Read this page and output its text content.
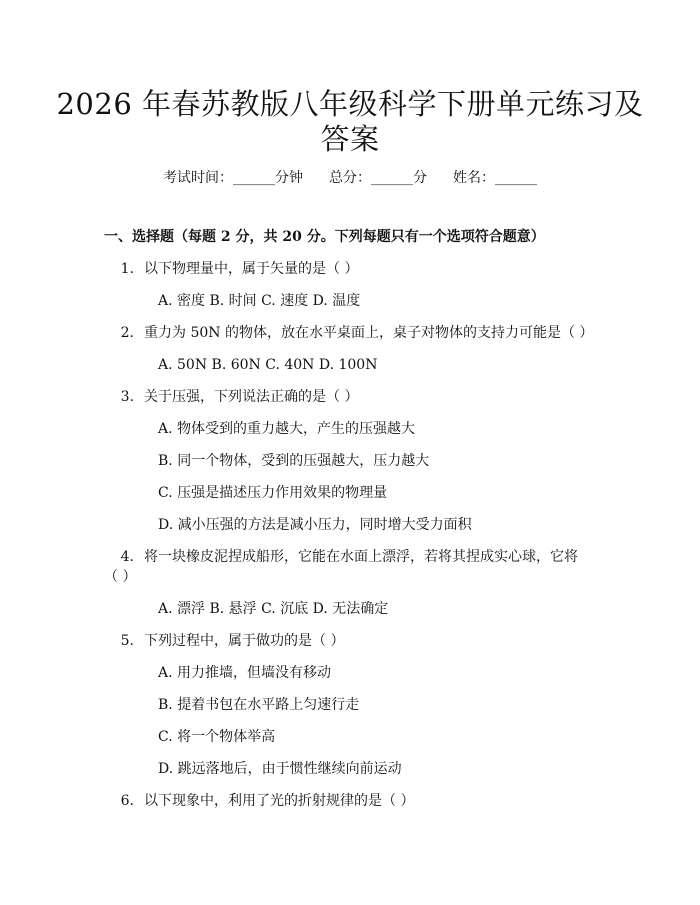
2026 年春苏教版八年级科学下册单元练习及
答案
考试时间：______分钟 总分：______分 姓名：______
一、选择题（每题 2 分，共 20 分。下列每题只有一个选项符合题意）
1. 以下物理量中，属于矢量的是（ ）
A. 密度 B. 时间 C. 速度 D. 温度
2. 重力为 50N 的物体，放在水平桌面上，桌子对物体的支持力可能是（ ）
A. 50N B. 60N C. 40N D. 100N
3. 关于压强，下列说法正确的是（ ）
A. 物体受到的重力越大，产生的压强越大
B. 同一个物体，受到的压强越大，压力越大
C. 压强是描述压力作用效果的物理量
D. 减小压强的方法是减小压力，同时增大受力面积
4. 将一块橡皮泥捏成船形，它能在水面上漂浮，若将其捏成实心球，它将
（ ）
A. 漂浮 B. 悬浮 C. 沉底 D. 无法确定
5. 下列过程中，属于做功的是（ ）
A. 用力推墙，但墙没有移动
B. 提着书包在水平路上匀速行走
C. 将一个物体举高
D. 跳远落地后，由于惯性继续向前运动
6. 以下现象中，利用了光的折射规律的是（ ）
